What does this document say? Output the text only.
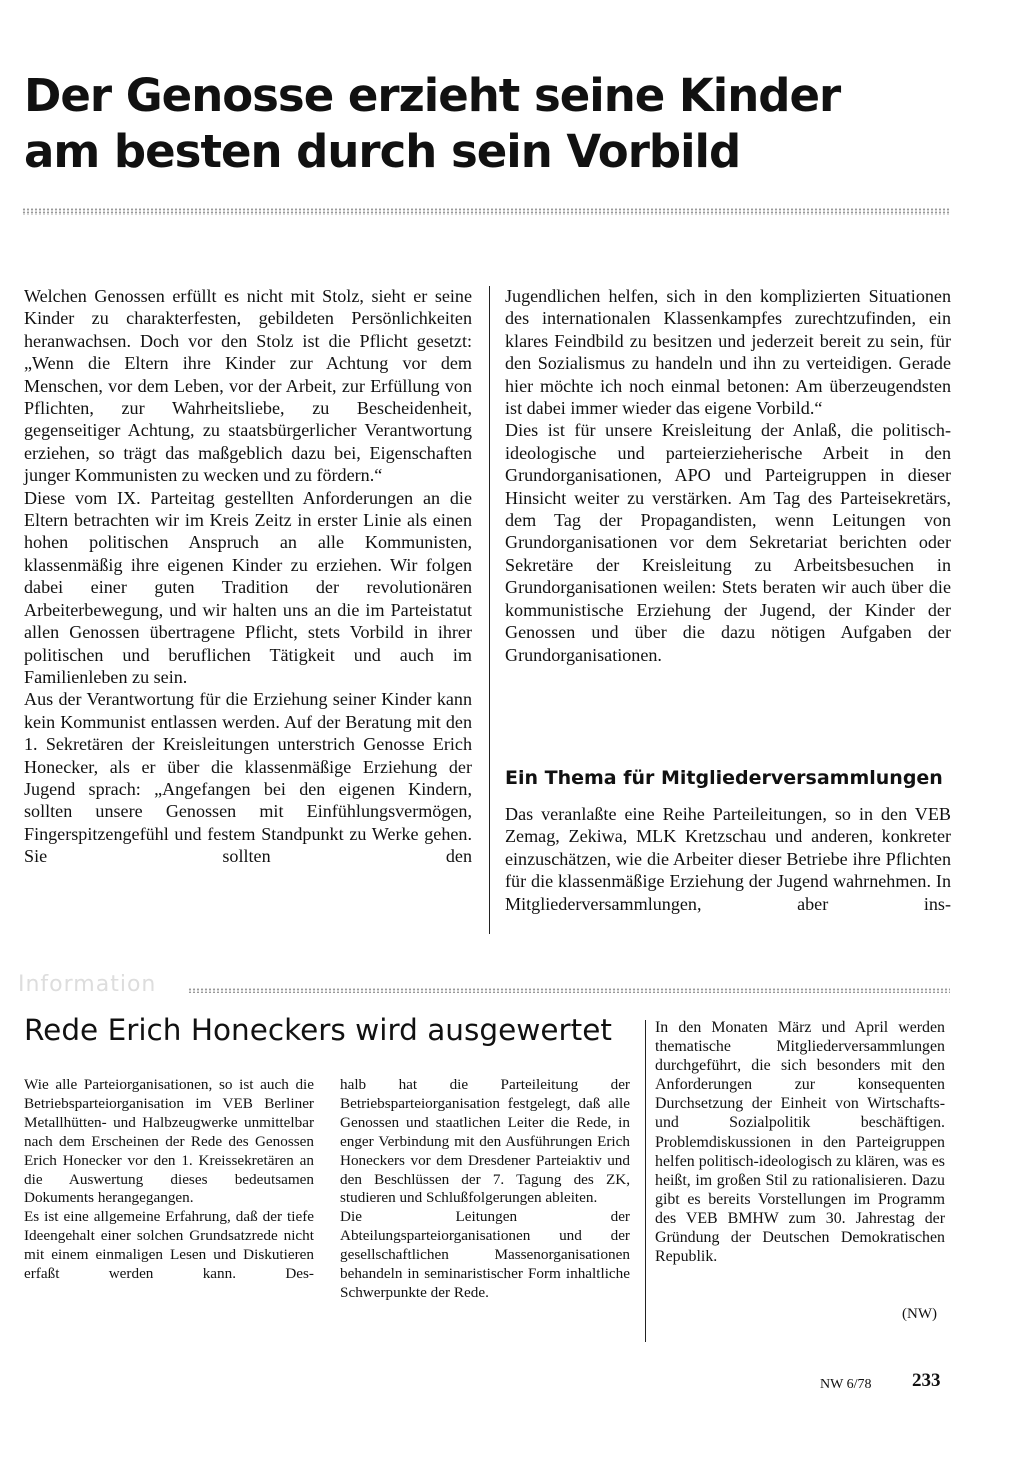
Der Genosse erzieht seine Kinder
am besten durch sein Vorbild

Welchen Genossen erfüllt es nicht mit Stolz, sieht er seine Kinder zu charakterfesten, gebildeten Persönlichkeiten heranwachsen. Doch vor den Stolz ist die Pflicht gesetzt: „Wenn die Eltern ihre Kinder zur Achtung vor dem Menschen, vor dem Leben, vor der Arbeit, zur Erfüllung von Pflichten, zur Wahrheitsliebe, zu Bescheidenheit, gegenseitiger Achtung, zu staatsbürgerlicher Verantwortung erziehen, so trägt das maßgeblich dazu bei, Eigenschaften junger Kommunisten zu wecken und zu fördern.“

Diese vom IX. Parteitag gestellten Anforderungen an die Eltern betrachten wir im Kreis Zeitz in erster Linie als einen hohen politischen Anspruch an alle Kommunisten, klassenmäßig ihre eigenen Kinder zu erziehen. Wir folgen dabei einer guten Tradition der revolutionären Arbeiterbewegung, und wir halten uns an die im Parteistatut allen Genossen übertragene Pflicht, stets Vorbild in ihrer politischen und beruflichen Tätigkeit und auch im Familienleben zu sein.

Aus der Verantwortung für die Erziehung seiner Kinder kann kein Kommunist entlassen werden. Auf der Beratung mit den 1. Sekretären der Kreisleitungen unterstrich Genosse Erich Honecker, als er über die klassenmäßige Erziehung der Jugend sprach: „Angefangen bei den eigenen Kindern, sollten unsere Genossen mit Einfühlungsvermögen, Fingerspitzengefühl und festem Standpunkt zu Werke gehen. Sie sollten den

Jugendlichen helfen, sich in den komplizierten Situationen des internationalen Klassenkampfes zurechtzufinden, ein klares Feindbild zu besitzen und jederzeit bereit zu sein, für den Sozialismus zu handeln und ihn zu verteidigen. Gerade hier möchte ich noch einmal betonen: Am überzeugendsten ist dabei immer wieder das eigene Vorbild.“

Dies ist für unsere Kreisleitung der Anlaß, die politisch-ideologische und parteierzieherische Arbeit in den Grundorganisationen, APO und Parteigruppen in dieser Hinsicht weiter zu verstärken. Am Tag des Parteisekretärs, dem Tag der Propagandisten, wenn Leitungen von Grundorganisationen vor dem Sekretariat berichten oder Sekretäre der Kreisleitung zu Arbeitsbesuchen in Grundorganisationen weilen: Stets beraten wir auch über die kommunistische Erziehung der Jugend, der Kinder der Genossen und über die dazu nötigen Aufgaben der Grundorganisationen.

Ein Thema für Mitgliederversammlungen

Das veranlaßte eine Reihe Parteileitungen, so in den VEB Zemag, Zekiwa, MLK Kretzschau und anderen, konkreter einzuschätzen, wie die Arbeiter dieser Betriebe ihre Pflichten für die klassenmäßige Erziehung der Jugend wahrnehmen. In Mitgliederversammlungen, aber ins-

Information
Rede Erich Honeckers wird ausgewertet

Wie alle Parteiorganisationen, so ist auch die Betriebsparteiorganisation im VEB Berliner Metallhütten- und Halbzeugwerke unmittelbar nach dem Erscheinen der Rede des Genossen Erich Honecker vor den 1. Kreissekretären an die Auswertung dieses bedeutsamen Dokuments herangegangen.

Es ist eine allgemeine Erfahrung, daß der tiefe Ideengehalt einer solchen Grundsatzrede nicht mit einem einmaligen Lesen und Diskutieren erfaßt werden kann. Des-

halb hat die Parteileitung der Betriebsparteiorganisation festgelegt, daß alle Genossen und staatlichen Leiter die Rede, in enger Verbindung mit den Ausführungen Erich Honeckers vor dem Dresdener Parteiaktiv und den Beschlüssen der 7. Tagung des ZK, studieren und Schlußfolgerungen ableiten.

Die Leitungen der Abteilungsparteiorganisationen und der gesellschaftlichen Massenorganisationen behandeln in seminaristischer Form inhaltliche Schwerpunkte der Rede.

In den Monaten März und April werden thematische Mitgliederversammlungen durchgeführt, die sich besonders mit den Anforderungen zur konsequenten Durchsetzung der Einheit von Wirtschafts- und Sozialpolitik beschäftigen. Problemdiskussionen in den Parteigruppen helfen politisch-ideologisch zu klären, was es heißt, im großen Stil zu rationalisieren. Dazu gibt es bereits Vorstellungen im Programm des VEB BMHW zum 30. Jahrestag der Gründung der Deutschen Demokratischen Republik.

(NW)
NW 6/78 233
